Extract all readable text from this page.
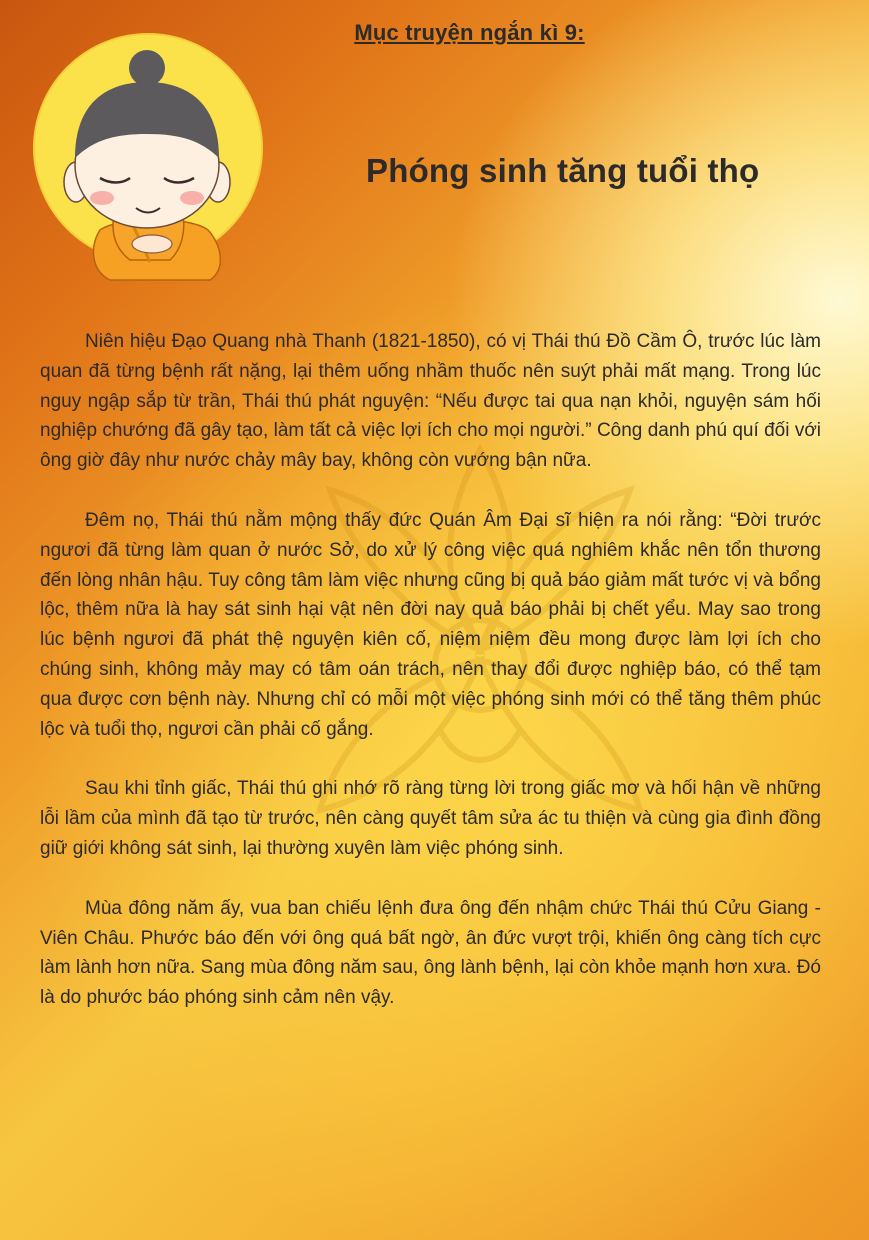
Mục truyện ngắn kì 9:
Phóng sinh tăng tuổi thọ

Niên hiệu Đạo Quang nhà Thanh (1821-1850), có vị Thái thú Đồ Cầm Ô, trước lúc làm quan đã từng bệnh rất nặng, lại thêm uống nhầm thuốc nên suýt phải mất mạng. Trong lúc nguy ngập sắp từ trần, Thái thú phát nguyện: “Nếu được tai qua nạn khỏi, nguyện sám hối nghiệp chướng đã gây tạo, làm tất cả việc lợi ích cho mọi người.” Công danh phú quí đối với ông giờ đây như nước chảy mây bay, không còn vướng bận nữa.

Đêm nọ, Thái thú nằm mộng thấy đức Quán Âm Đại sĩ hiện ra nói rằng: “Đời trước ngươi đã từng làm quan ở nước Sở, do xử lý công việc quá nghiêm khắc nên tổn thương đến lòng nhân hậu. Tuy công tâm làm việc nhưng cũng bị quả báo giảm mất tước vị và bổng lộc, thêm nữa là hay sát sinh hại vật nên đời nay quả báo phải bị chết yểu. May sao trong lúc bệnh ngươi đã phát thệ nguyện kiên cố, niệm niệm đều mong được làm lợi ích cho chúng sinh, không mảy may có tâm oán trách, nên thay đổi được nghiệp báo, có thể tạm qua được cơn bệnh này. Nhưng chỉ có mỗi một việc phóng sinh mới có thể tăng thêm phúc lộc và tuổi thọ, ngươi cần phải cố gắng.

Sau khi tỉnh giấc, Thái thú ghi nhớ rõ ràng từng lời trong giấc mơ và hối hận về những lỗi lầm của mình đã tạo từ trước, nên càng quyết tâm sửa ác tu thiện và cùng gia đình đồng giữ giới không sát sinh, lại thường xuyên làm việc phóng sinh.

Mùa đông năm ấy, vua ban chiếu lệnh đưa ông đến nhậm chức Thái thú Cửu Giang - Viên Châu. Phước báo đến với ông quá bất ngờ, ân đức vượt trội, khiến ông càng tích cực làm lành hơn nữa. Sang mùa đông năm sau, ông lành bệnh, lại còn khỏe mạnh hơn xưa. Đó là do phước báo phóng sinh cảm nên vậy.
